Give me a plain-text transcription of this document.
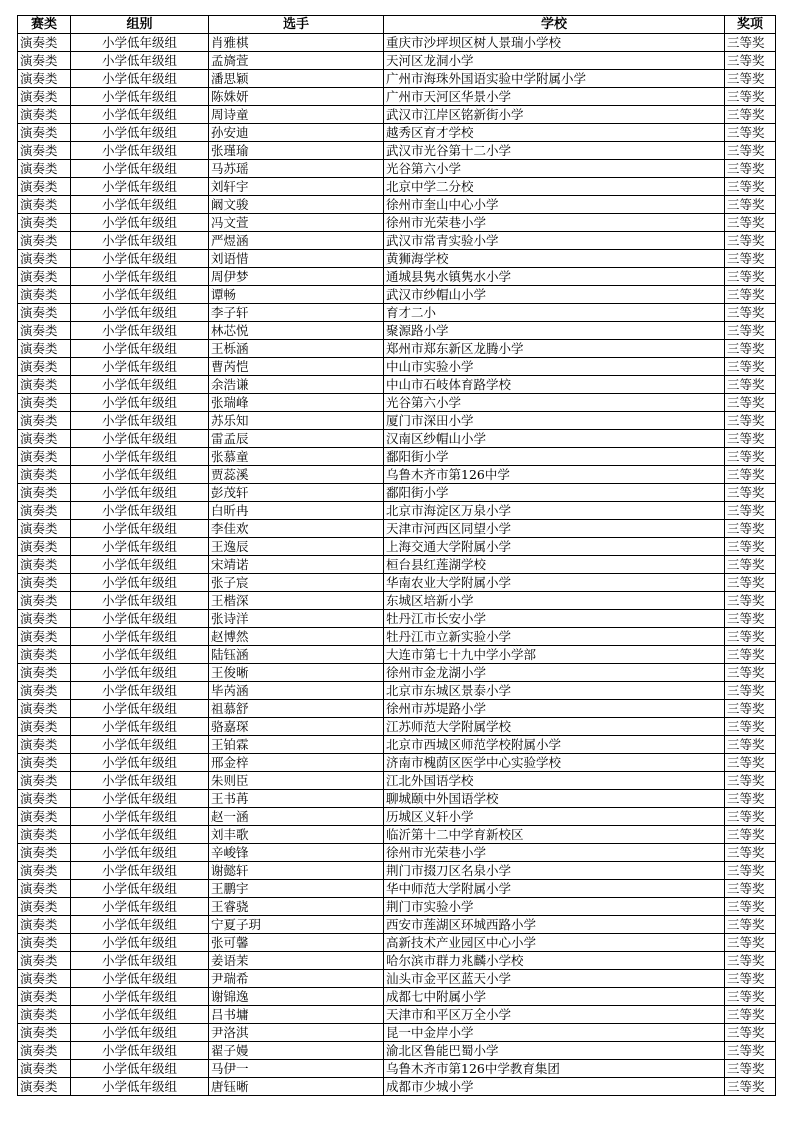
赛类	组别	选手	学校	奖项
演奏类	小学低年级组	肖雅棋	重庆市沙坪坝区树人景瑞小学校	三等奖
演奏类	小学低年级组	孟旖萱	天河区龙洞小学	三等奖
演奏类	小学低年级组	潘思颖	广州市海珠外国语实验中学附属小学	三等奖
演奏类	小学低年级组	陈姝妍	广州市天河区华景小学	三等奖
演奏类	小学低年级组	周诗童	武汉市江岸区铭新街小学	三等奖
演奏类	小学低年级组	孙安迪	越秀区育才学校	三等奖
演奏类	小学低年级组	张瑾瑜	武汉市光谷第十二小学	三等奖
演奏类	小学低年级组	马苏瑶	光谷第六小学	三等奖
演奏类	小学低年级组	刘轩宇	北京中学二分校	三等奖
演奏类	小学低年级组	阚文骏	徐州市奎山中心小学	三等奖
演奏类	小学低年级组	冯文萱	徐州市光荣巷小学	三等奖
演奏类	小学低年级组	严煜涵	武汉市常青实验小学	三等奖
演奏类	小学低年级组	刘语惜	黄狮海学校	三等奖
演奏类	小学低年级组	周伊梦	通城县隽水镇隽水小学	三等奖
演奏类	小学低年级组	谭畅	武汉市纱帽山小学	三等奖
演奏类	小学低年级组	李子轩	育才二小	三等奖
演奏类	小学低年级组	林芯悦	聚源路小学	三等奖
演奏类	小学低年级组	王栎涵	郑州市郑东新区龙腾小学	三等奖
演奏类	小学低年级组	曹芮恺	中山市实验小学	三等奖
演奏类	小学低年级组	余浩谦	中山市石岐体育路学校	三等奖
演奏类	小学低年级组	张瑞峰	光谷第六小学	三等奖
演奏类	小学低年级组	苏乐知	厦门市深田小学	三等奖
演奏类	小学低年级组	雷孟辰	汉南区纱帽山小学	三等奖
演奏类	小学低年级组	张慕童	鄱阳街小学	三等奖
演奏类	小学低年级组	贾蕊溪	乌鲁木齐市第126中学	三等奖
演奏类	小学低年级组	彭茂轩	鄱阳街小学	三等奖
演奏类	小学低年级组	白昕冉	北京市海淀区万泉小学	三等奖
演奏类	小学低年级组	李佳欢	天津市河西区同望小学	三等奖
演奏类	小学低年级组	王逸辰	上海交通大学附属小学	三等奖
演奏类	小学低年级组	宋靖诺	桓台县红莲湖学校	三等奖
演奏类	小学低年级组	张子宸	华南农业大学附属小学	三等奖
演奏类	小学低年级组	王楷深	东城区培新小学	三等奖
演奏类	小学低年级组	张诗洋	牡丹江市长安小学	三等奖
演奏类	小学低年级组	赵博然	牡丹江市立新实验小学	三等奖
演奏类	小学低年级组	陆钰涵	大连市第七十九中学小学部	三等奖
演奏类	小学低年级组	王俊晰	徐州市金龙湖小学	三等奖
演奏类	小学低年级组	毕芮涵	北京市东城区景泰小学	三等奖
演奏类	小学低年级组	祖慕舒	徐州市苏堤路小学	三等奖
演奏类	小学低年级组	骆嘉琛	江苏师范大学附属学校	三等奖
演奏类	小学低年级组	王铂霖	北京市西城区师范学校附属小学	三等奖
演奏类	小学低年级组	邢金梓	济南市槐荫区医学中心实验学校	三等奖
演奏类	小学低年级组	朱则臣	江北外国语学校	三等奖
演奏类	小学低年级组	王书苒	聊城颐中外国语学校	三等奖
演奏类	小学低年级组	赵一涵	历城区义轩小学	三等奖
演奏类	小学低年级组	刘丰歌	临沂第十二中学育新校区	三等奖
演奏类	小学低年级组	辛峻锋	徐州市光荣巷小学	三等奖
演奏类	小学低年级组	谢懿轩	荆门市掇刀区名泉小学	三等奖
演奏类	小学低年级组	王鹏宇	华中师范大学附属小学	三等奖
演奏类	小学低年级组	王睿骁	荆门市实验小学	三等奖
演奏类	小学低年级组	宁夏子玥	西安市莲湖区环城西路小学	三等奖
演奏类	小学低年级组	张可馨	高新技术产业园区中心小学	三等奖
演奏类	小学低年级组	姜语茉	哈尔滨市群力兆麟小学校	三等奖
演奏类	小学低年级组	尹瑞希	汕头市金平区蓝天小学	三等奖
演奏类	小学低年级组	谢锦逸	成都七中附属小学	三等奖
演奏类	小学低年级组	吕书墉	天津市和平区万全小学	三等奖
演奏类	小学低年级组	尹洛淇	昆一中金岸小学	三等奖
演奏类	小学低年级组	翟子嫚	渝北区鲁能巴蜀小学	三等奖
演奏类	小学低年级组	马伊一	乌鲁木齐市第126中学教育集团	三等奖
演奏类	小学低年级组	唐钰晰	成都市少城小学	三等奖
